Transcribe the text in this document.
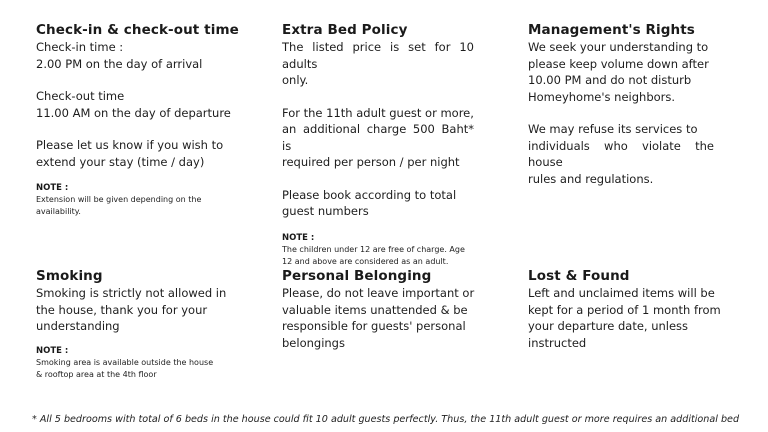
Check-in & check-out time

Check-in time :
2.00 PM on the day of arrival

Check-out time
11.00 AM on the day of departure

Please let us know if you wish to
extend your stay (time / day)

NOTE :
Extension will be given depending on the
availability.
Extra Bed Policy

The listed price is set for 10 adults
only.

For the 11th adult guest or more,
an additional charge 500 Baht* is
required per person / per night

Please book according to total
guest numbers

NOTE :
The children under 12 are free of charge. Age
12 and above are considered as an adult.
Management's Rights

We seek your understanding to
please keep volume down after
10.00 PM and do not disturb
Homeyhome's neighbors.

We may refuse its services to
individuals who violate the house
rules and regulations.

Smoking

Smoking is strictly not allowed in
the house, thank you for your
understanding

NOTE :
Smoking area is available outside the house
& rooftop area at the 4th floor
Personal Belonging

Please, do not leave important or
valuable items unattended & be
responsible for guests' personal
belongings

Lost & Found

Left and unclaimed items will be
kept for a period of 1 month from
your departure date, unless
instructed

* All 5 bedrooms with total of 6 beds in the house could fit 10 adult guests perfectly. Thus, the 11th adult guest or more requires an additional bed
